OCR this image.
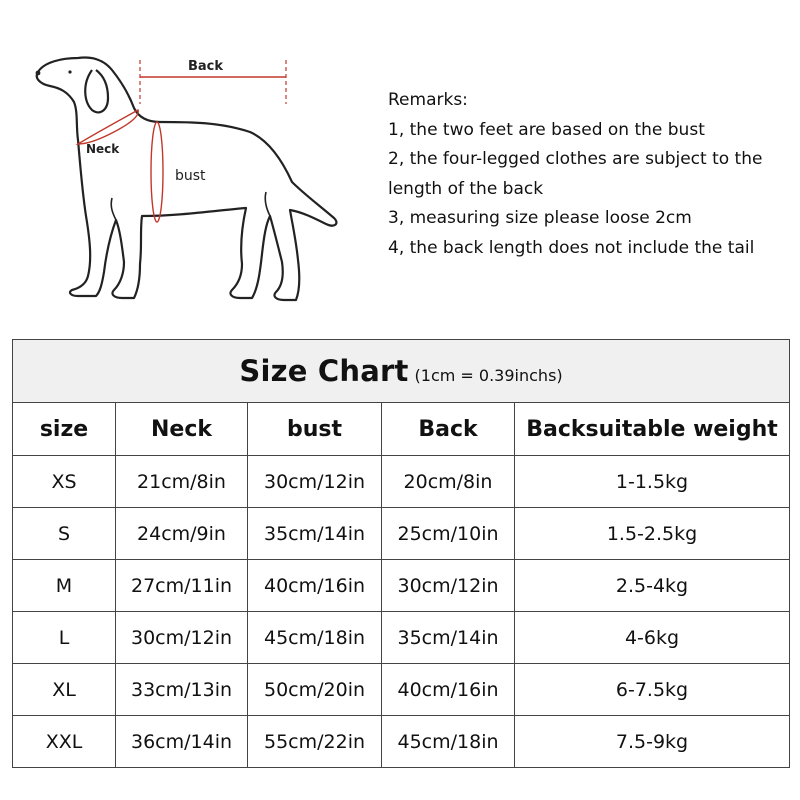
Back
Neck
bust
Remarks:
1, the two feet are based on the bust
2, the four-legged clothes are subject to the
length of the back
3, measuring size please loose 2cm
4, the back length does not include the tail
Size Chart (1cm = 0.39inchs)				
size	Neck	bust	Back	Backsuitable weight
XS	21cm/8in	30cm/12in	20cm/8in	1-1.5kg
S	24cm/9in	35cm/14in	25cm/10in	1.5-2.5kg
M	27cm/11in	40cm/16in	30cm/12in	2.5-4kg
L	30cm/12in	45cm/18in	35cm/14in	4-6kg
XL	33cm/13in	50cm/20in	40cm/16in	6-7.5kg
XXL	36cm/14in	55cm/22in	45cm/18in	7.5-9kg
